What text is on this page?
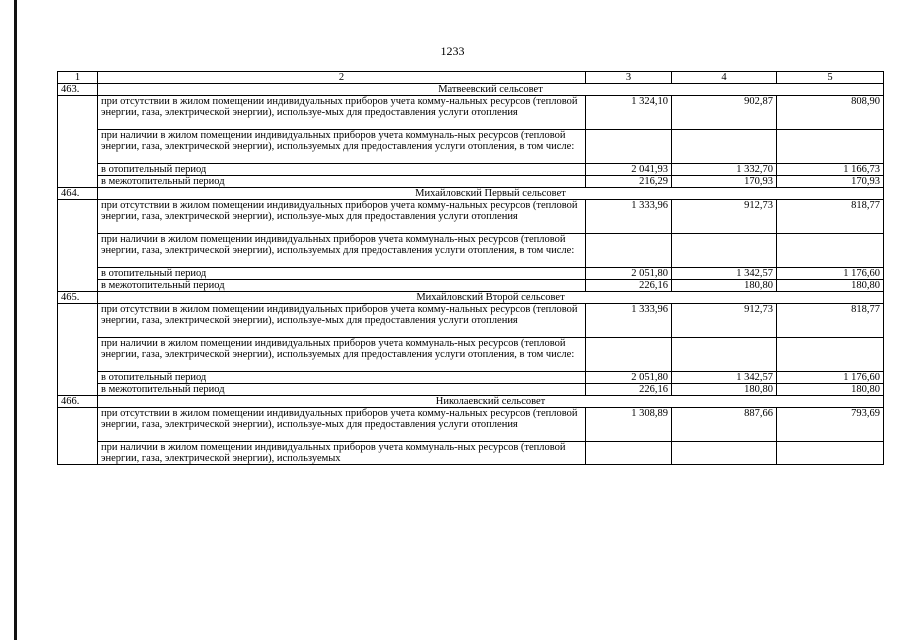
1233
1	2	3	4	5
463.	Матвеевский сельсовет			
	при отсутствии в жилом помещении индивидуальных приборов учета комму-нальных ресурсов (тепловой энергии, газа, электрической энергии), используе-мых для предоставления услуги отопления	1 324,10	902,87	808,90
	при наличии в жилом помещении индивидуальных приборов учета коммуналь-ных ресурсов (тепловой энергии, газа, электрической энергии), используемых для предоставления услуги отопления, в том числе:			
	в отопительный период	2 041,93	1 332,70	1 166,73
	в межотопительный период	216,29	170,93	170,93
464.	Михайловский Первый сельсовет			
	при отсутствии в жилом помещении индивидуальных приборов учета комму-нальных ресурсов (тепловой энергии, газа, электрической энергии), используе-мых для предоставления услуги отопления	1 333,96	912,73	818,77
	при наличии в жилом помещении индивидуальных приборов учета коммуналь-ных ресурсов (тепловой энергии, газа, электрической энергии), используемых для предоставления услуги отопления, в том числе:			
	в отопительный период	2 051,80	1 342,57	1 176,60
	в межотопительный период	226,16	180,80	180,80
465.	Михайловский Второй сельсовет			
	при отсутствии в жилом помещении индивидуальных приборов учета комму-нальных ресурсов (тепловой энергии, газа, электрической энергии), используе-мых для предоставления услуги отопления	1 333,96	912,73	818,77
	при наличии в жилом помещении индивидуальных приборов учета коммуналь-ных ресурсов (тепловой энергии, газа, электрической энергии), используемых для предоставления услуги отопления, в том числе:			
	в отопительный период	2 051,80	1 342,57	1 176,60
	в межотопительный период	226,16	180,80	180,80
466.	Николаевский сельсовет			
	при отсутствии в жилом помещении индивидуальных приборов учета комму-нальных ресурсов (тепловой энергии, газа, электрической энергии), используе-мых для предоставления услуги отопления	1 308,89	887,66	793,69
	при наличии в жилом помещении индивидуальных приборов учета коммуналь-ных ресурсов (тепловой энергии, газа, электрической энергии), используемых			
